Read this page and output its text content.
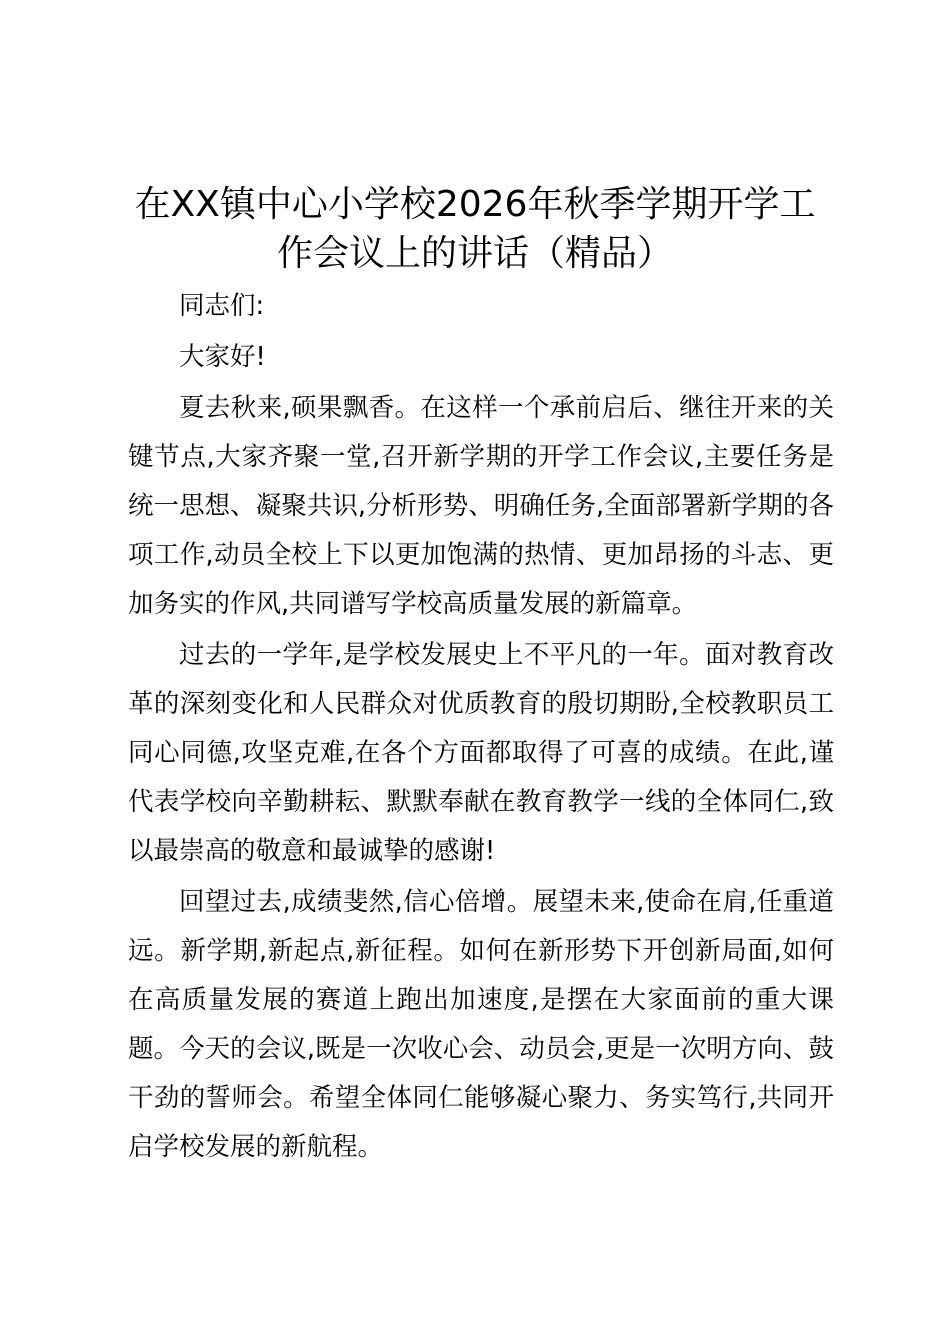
在XX镇中心小学校2026年秋季学期开学工作会议上的讲话（精品）

同志们:

大家好!

夏去秋来,硕果飘香。在这样一个承前启后、继往开来的关键节点,大家齐聚一堂,召开新学期的开学工作会议,主要任务是统一思想、凝聚共识,分析形势、明确任务,全面部署新学期的各项工作,动员全校上下以更加饱满的热情、更加昂扬的斗志、更加务实的作风,共同谱写学校高质量发展的新篇章。

过去的一学年,是学校发展史上不平凡的一年。面对教育改革的深刻变化和人民群众对优质教育的殷切期盼,全校教职员工同心同德,攻坚克难,在各个方面都取得了可喜的成绩。在此,谨代表学校向辛勤耕耘、默默奉献在教育教学一线的全体同仁,致以最崇高的敬意和最诚挚的感谢!

回望过去,成绩斐然,信心倍增。展望未来,使命在肩,任重道远。新学期,新起点,新征程。如何在新形势下开创新局面,如何在高质量发展的赛道上跑出加速度,是摆在大家面前的重大课题。今天的会议,既是一次收心会、动员会,更是一次明方向、鼓干劲的誓师会。希望全体同仁能够凝心聚力、务实笃行,共同开启学校发展的新航程。
